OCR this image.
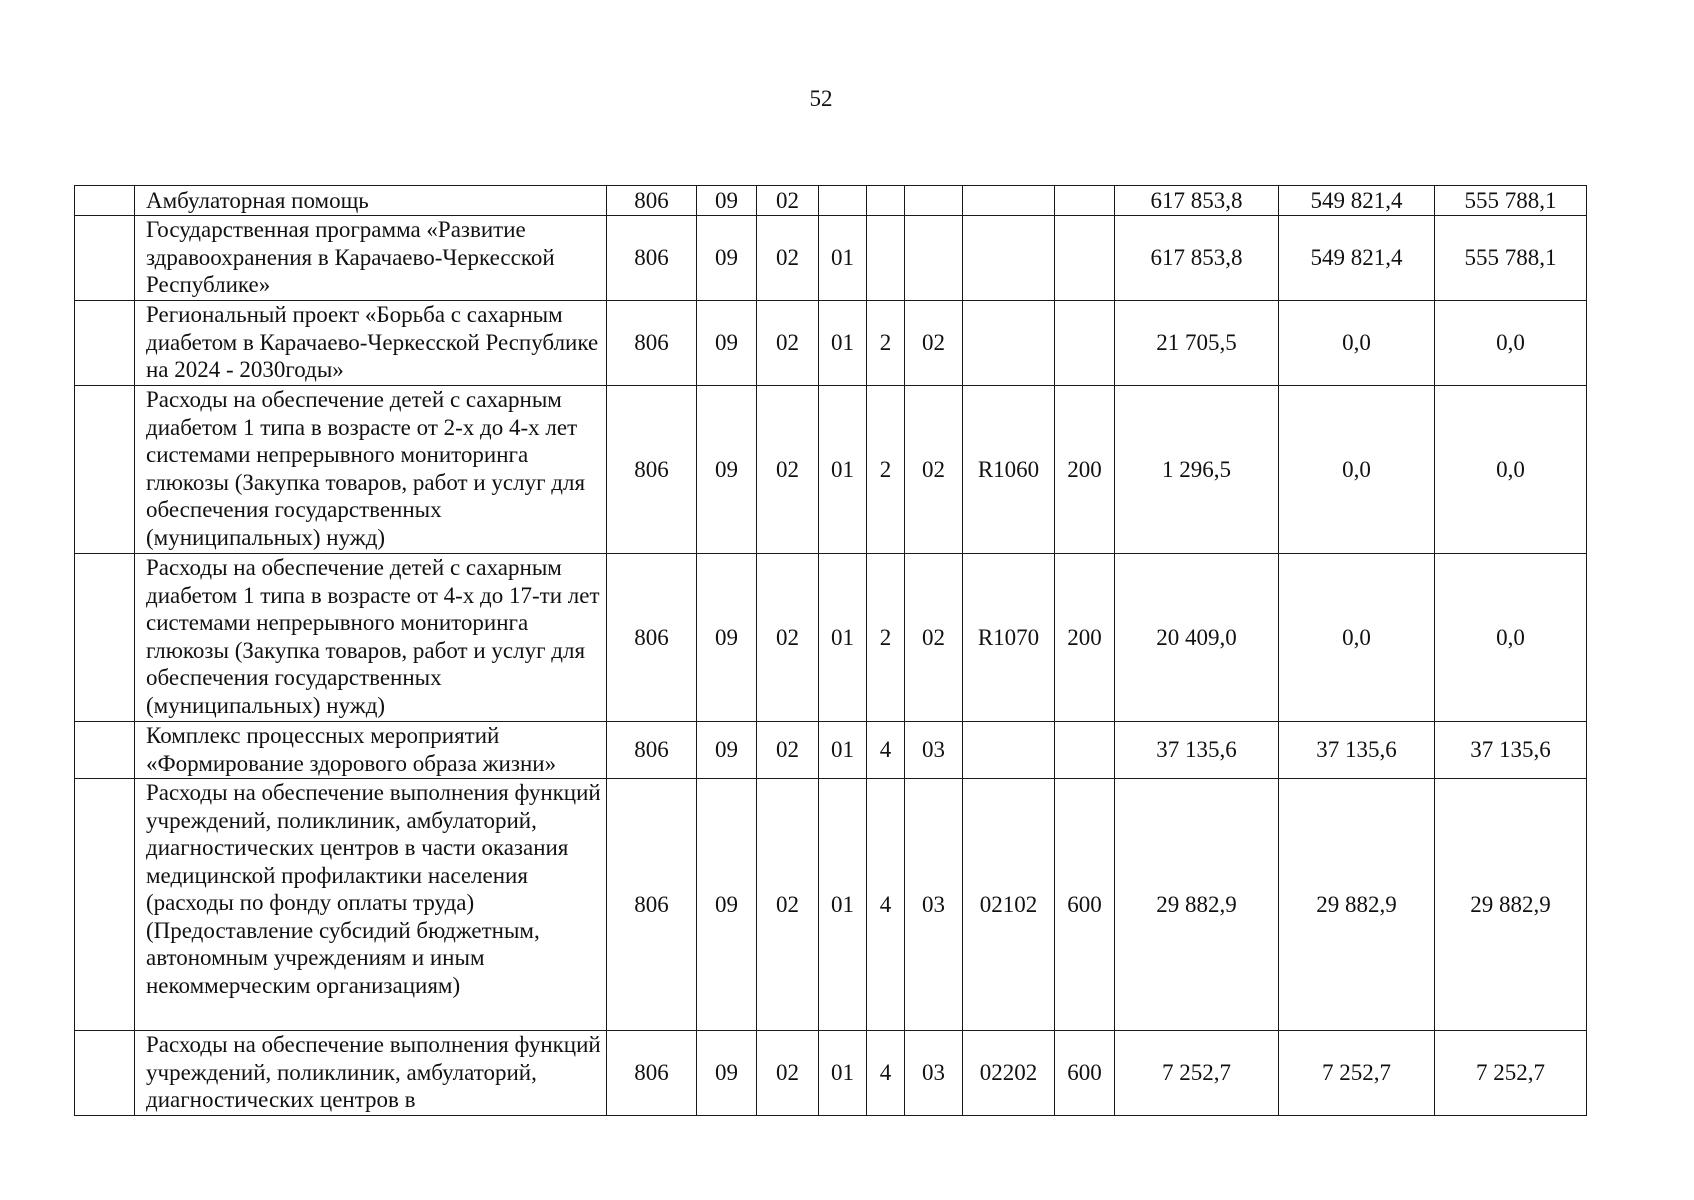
52
	Амбулаторная помощь	806	09	02						617 853,8	549 821,4	555 788,1
	Государственная программа «Развитие здравоохранения в Карачаево-Черкесской Республике»	806	09	02	01					617 853,8	549 821,4	555 788,1
	Региональный проект «Борьба с сахарным диабетом в Карачаево-Черкесской Республике на 2024 - 2030годы»	806	09	02	01	2	02			21 705,5	0,0	0,0
	Расходы на обеспечение детей с сахарным диабетом 1 типа в возрасте от 2-х до 4-х лет системами непрерывного мониторинга глюкозы (Закупка товаров, работ и услуг для обеспечения государственных (муниципальных) нужд)	806	09	02	01	2	02	R1060	200	1 296,5	0,0	0,0
	Расходы на обеспечение детей с сахарным диабетом 1 типа в возрасте от 4-х до 17-ти лет системами непрерывного мониторинга глюкозы (Закупка товаров, работ и услуг для обеспечения государственных (муниципальных) нужд)	806	09	02	01	2	02	R1070	200	20 409,0	0,0	0,0
	Комплекс процессных мероприятий «Формирование здорового образа жизни»	806	09	02	01	4	03			37 135,6	37 135,6	37 135,6
	Расходы на обеспечение выполнения функций учреждений, поликлиник, амбулаторий, диагностических центров в части оказания медицинской профилактики населения (расходы по фонду оплаты труда) (Предоставление субсидий бюджетным, автономным учреждениям и иным некоммерческим организациям)	806	09	02	01	4	03	02102	600	29 882,9	29 882,9	29 882,9
	Расходы на обеспечение выполнения функций учреждений, поликлиник, амбулаторий, диагностических центров в	806	09	02	01	4	03	02202	600	7 252,7	7 252,7	7 252,7
